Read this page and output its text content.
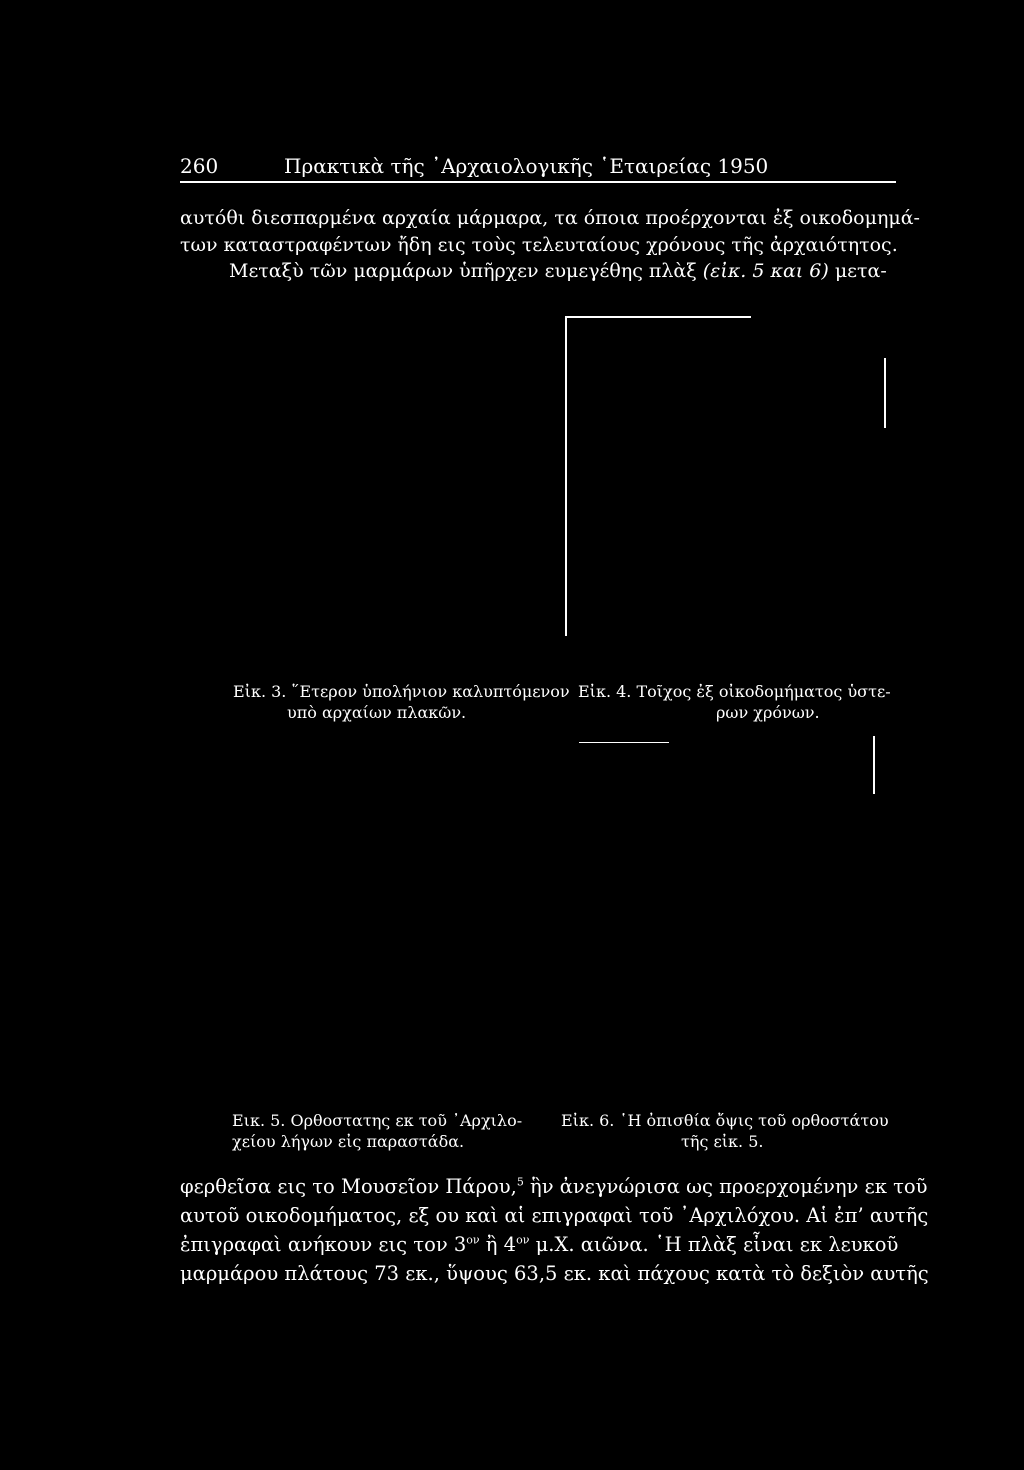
260	Πρακτικὰ τῆς ᾿Αρχαιολογικῆς ῾Εταιρείας 1950
αυτόθι διεσπαρμένα αρχαία μάρμαρα, τα όποια προέρχονται ἐξ οικοδομημά-
των καταστραφέντων ἤδη εις τοὺς τελευταίους χρόνους τῆς ἀρχαιότητος.
Μεταξὺ τῶν μαρμάρων ὑπῆρχεν ευμεγέθης πλὰξ (εἰκ. 5 και 6) μετα-
Εἰκ. 3. ῞Ετερον ὑπολήνιον καλυπτόμενον
υπὸ αρχαίων πλακῶν.
Εἰκ. 4. Τοῖχος ἐξ οἰκοδομήματος ὑστε-
ρων χρόνων.
Εικ. 5. Ορθοστατης εκ τοῦ ᾿Αρχιλο-
χείου λήγων εἰς παραστάδα.
Εἰκ. 6. ῾Η ὀπισθία ὄψις τοῦ ορθοστάτου
τῆς εἰκ. 5.
φερθεῖσα εις το Μουσεῖον Πάρου,$^5$ ἣν ἀνεγνώρισα ως προερχομένην εκ τοῦ
αυτοῦ οικοδομήματος, εξ ου καὶ αἱ επιγραφαὶ τοῦ ᾿Αρχιλόχου. Αἱ ἐπ’ αυτῆς
ἐπιγραφαὶ ανήκουν εις τον $3^{o\nu}$ ἢ $4^{o\nu}$ μ.Χ. αιῶνα. ῾Η πλὰξ εἶναι εκ λευκοῦ
μαρμάρου πλάτους 73 εκ., ὕψους 63,5 εκ. καὶ πάχους κατὰ τὸ δεξιὸν αυτῆς
